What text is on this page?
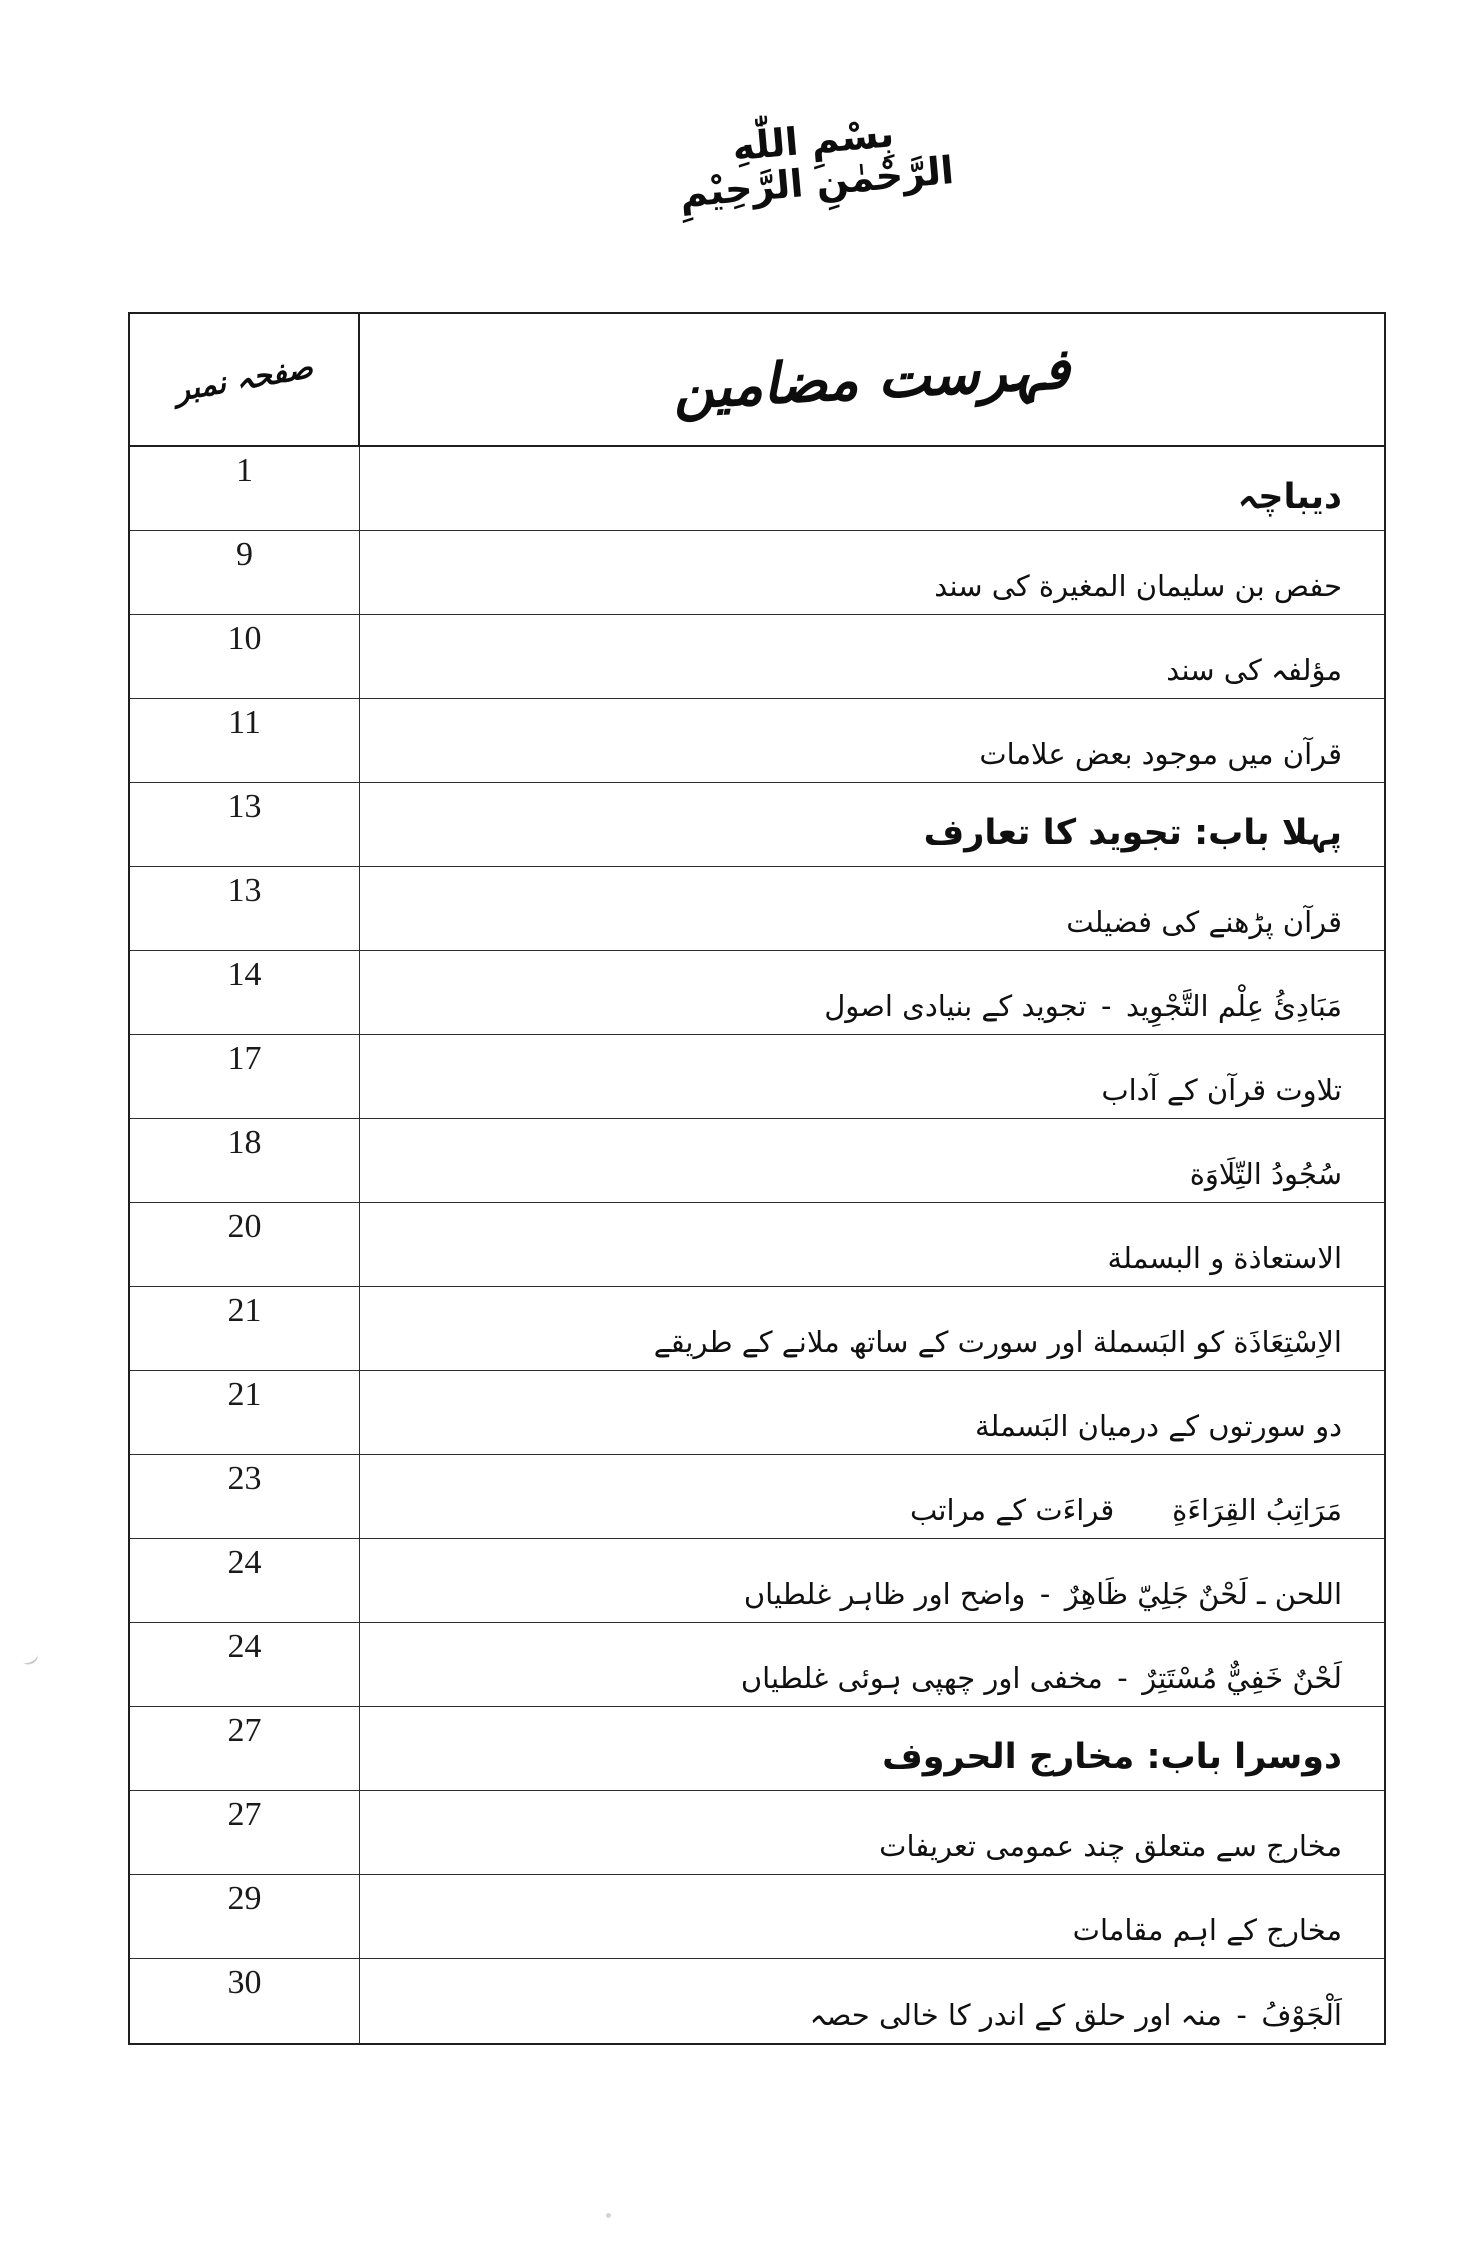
بِسْمِ اللّٰهِ الرَّحْمٰنِ الرَّحِيْمِ
صفحہ نمبر	فہرست مضامین
1
دیباچہ
9
حفص بن سلیمان المغیرة کی سند
10
مؤلفہ کی سند
11
قرآن میں موجود بعض علامات
13
پہلا باب: تجوید کا تعارف
13
قرآن پڑھنے کی فضیلت
14
مَبَادِئُ عِلْم التَّجْوِيد - تجوید کے بنیادی اصول
17
تلاوت قرآن کے آداب
18
سُجُودُ التِّلَاوَة
20
الاستعاذة و البسملة
21
الاِسْتِعَاذَة کو البَسملة اور سورت کے ساتھ ملانے کے طریقے
21
دو سورتوں کے درمیان البَسملة
23
مَرَاتِبُ القِرَاءَةِ  قراءَت کے مراتب
24
اللحن ـ لَحْنٌ جَلِيّ ظَاهِرٌ - واضح اور ظاہر غلطیاں
24
لَحْنٌ خَفِيٌّ مُسْتَتِرٌ - مخفی اور چھپی ہوئی غلطیاں
27
دوسرا باب: مخارج الحروف
27
مخارج سے متعلق چند عمومی تعریفات
29
مخارج کے اہم مقامات
30
اَلْجَوْفُ - منہ اور حلق کے اندر کا خالی حصہ
